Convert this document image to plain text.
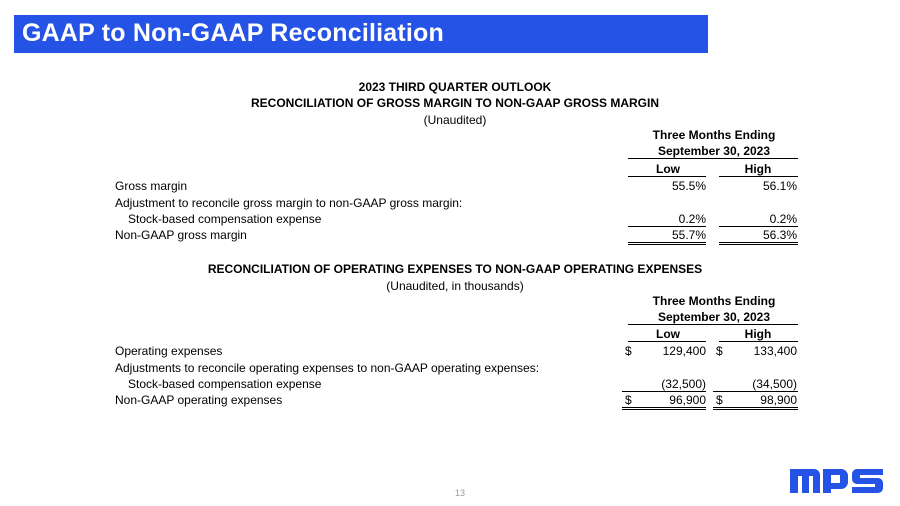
GAAP to Non-GAAP Reconciliation
2023 THIRD QUARTER OUTLOOK
RECONCILIATION OF GROSS MARGIN TO NON-GAAP GROSS MARGIN
(Unaudited)
Three Months Ending
September 30, 2023
Low	High
Gross margin	55.5%	56.1%
Adjustment to reconcile gross margin to non-GAAP gross margin:
Stock-based compensation expense	0.2%	0.2%
Non-GAAP gross margin	55.7%	56.3%
RECONCILIATION OF OPERATING EXPENSES TO NON-GAAP OPERATING EXPENSES
(Unaudited, in thousands)
Three Months Ending
September 30, 2023
Low	High
Operating expenses	$	129,400 $	133,400
Adjustments to reconcile operating expenses to non-GAAP operating expenses:
Stock-based compensation expense	(32,500)	(34,500)
Non-GAAP operating expenses	$	96,900 $	98,900
13
